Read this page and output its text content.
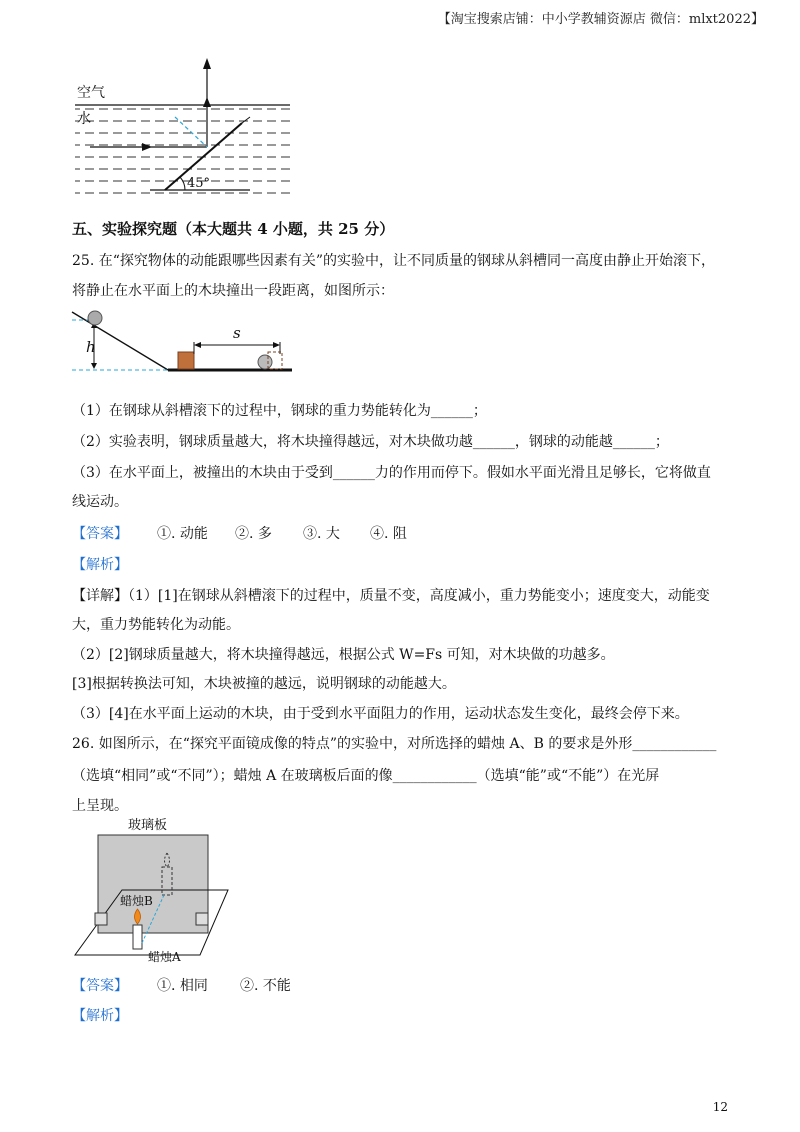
【淘宝搜索店铺：中小学教辅资源店 微信：mlxt2022】
空气
水
45°
五、实验探究题（本大题共 4 小题，共 25 分）
25. 在“探究物体的动能跟哪些因素有关”的实验中，让不同质量的钢球从斜槽同一高度由静止开始滚下，
将静止在水平面上的木块撞出一段距离，如图所示：
h
s
（1）在钢球从斜槽滚下的过程中，钢球的重力势能转化为______；
（2）实验表明，钢球质量越大，将木块撞得越远，对木块做功越______，钢球的动能越______；
（3）在水平面上，被撞出的木块由于受到______力的作用而停下。假如水平面光滑且足够长，它将做直
线运动。
【答案】 ①. 动能 ②. 多 ③. 大 ④. 阻
【解析】
【详解】（1）[1]在钢球从斜槽滚下的过程中，质量不变，高度减小，重力势能变小；速度变大，动能变
大，重力势能转化为动能。
（2）[2]钢球质量越大，将木块撞得越远，根据公式 W=Fs 可知，对木块做的功越多。
[3]根据转换法可知，木块被撞的越远，说明钢球的动能越大。
（3）[4]在水平面上运动的木块，由于受到水平面阻力的作用，运动状态发生变化，最终会停下来。
26. 如图所示，在“探究平面镜成像的特点”的实验中，对所选择的蜡烛 A、B 的要求是外形____________
（选填“相同”或“不同”）；蜡烛 A 在玻璃板后面的像____________（选填“能”或“不能”）在光屏
上呈现。
玻璃板
蜡烛B
蜡烛A
【答案】 ①. 相同 ②. 不能
【解析】
12
